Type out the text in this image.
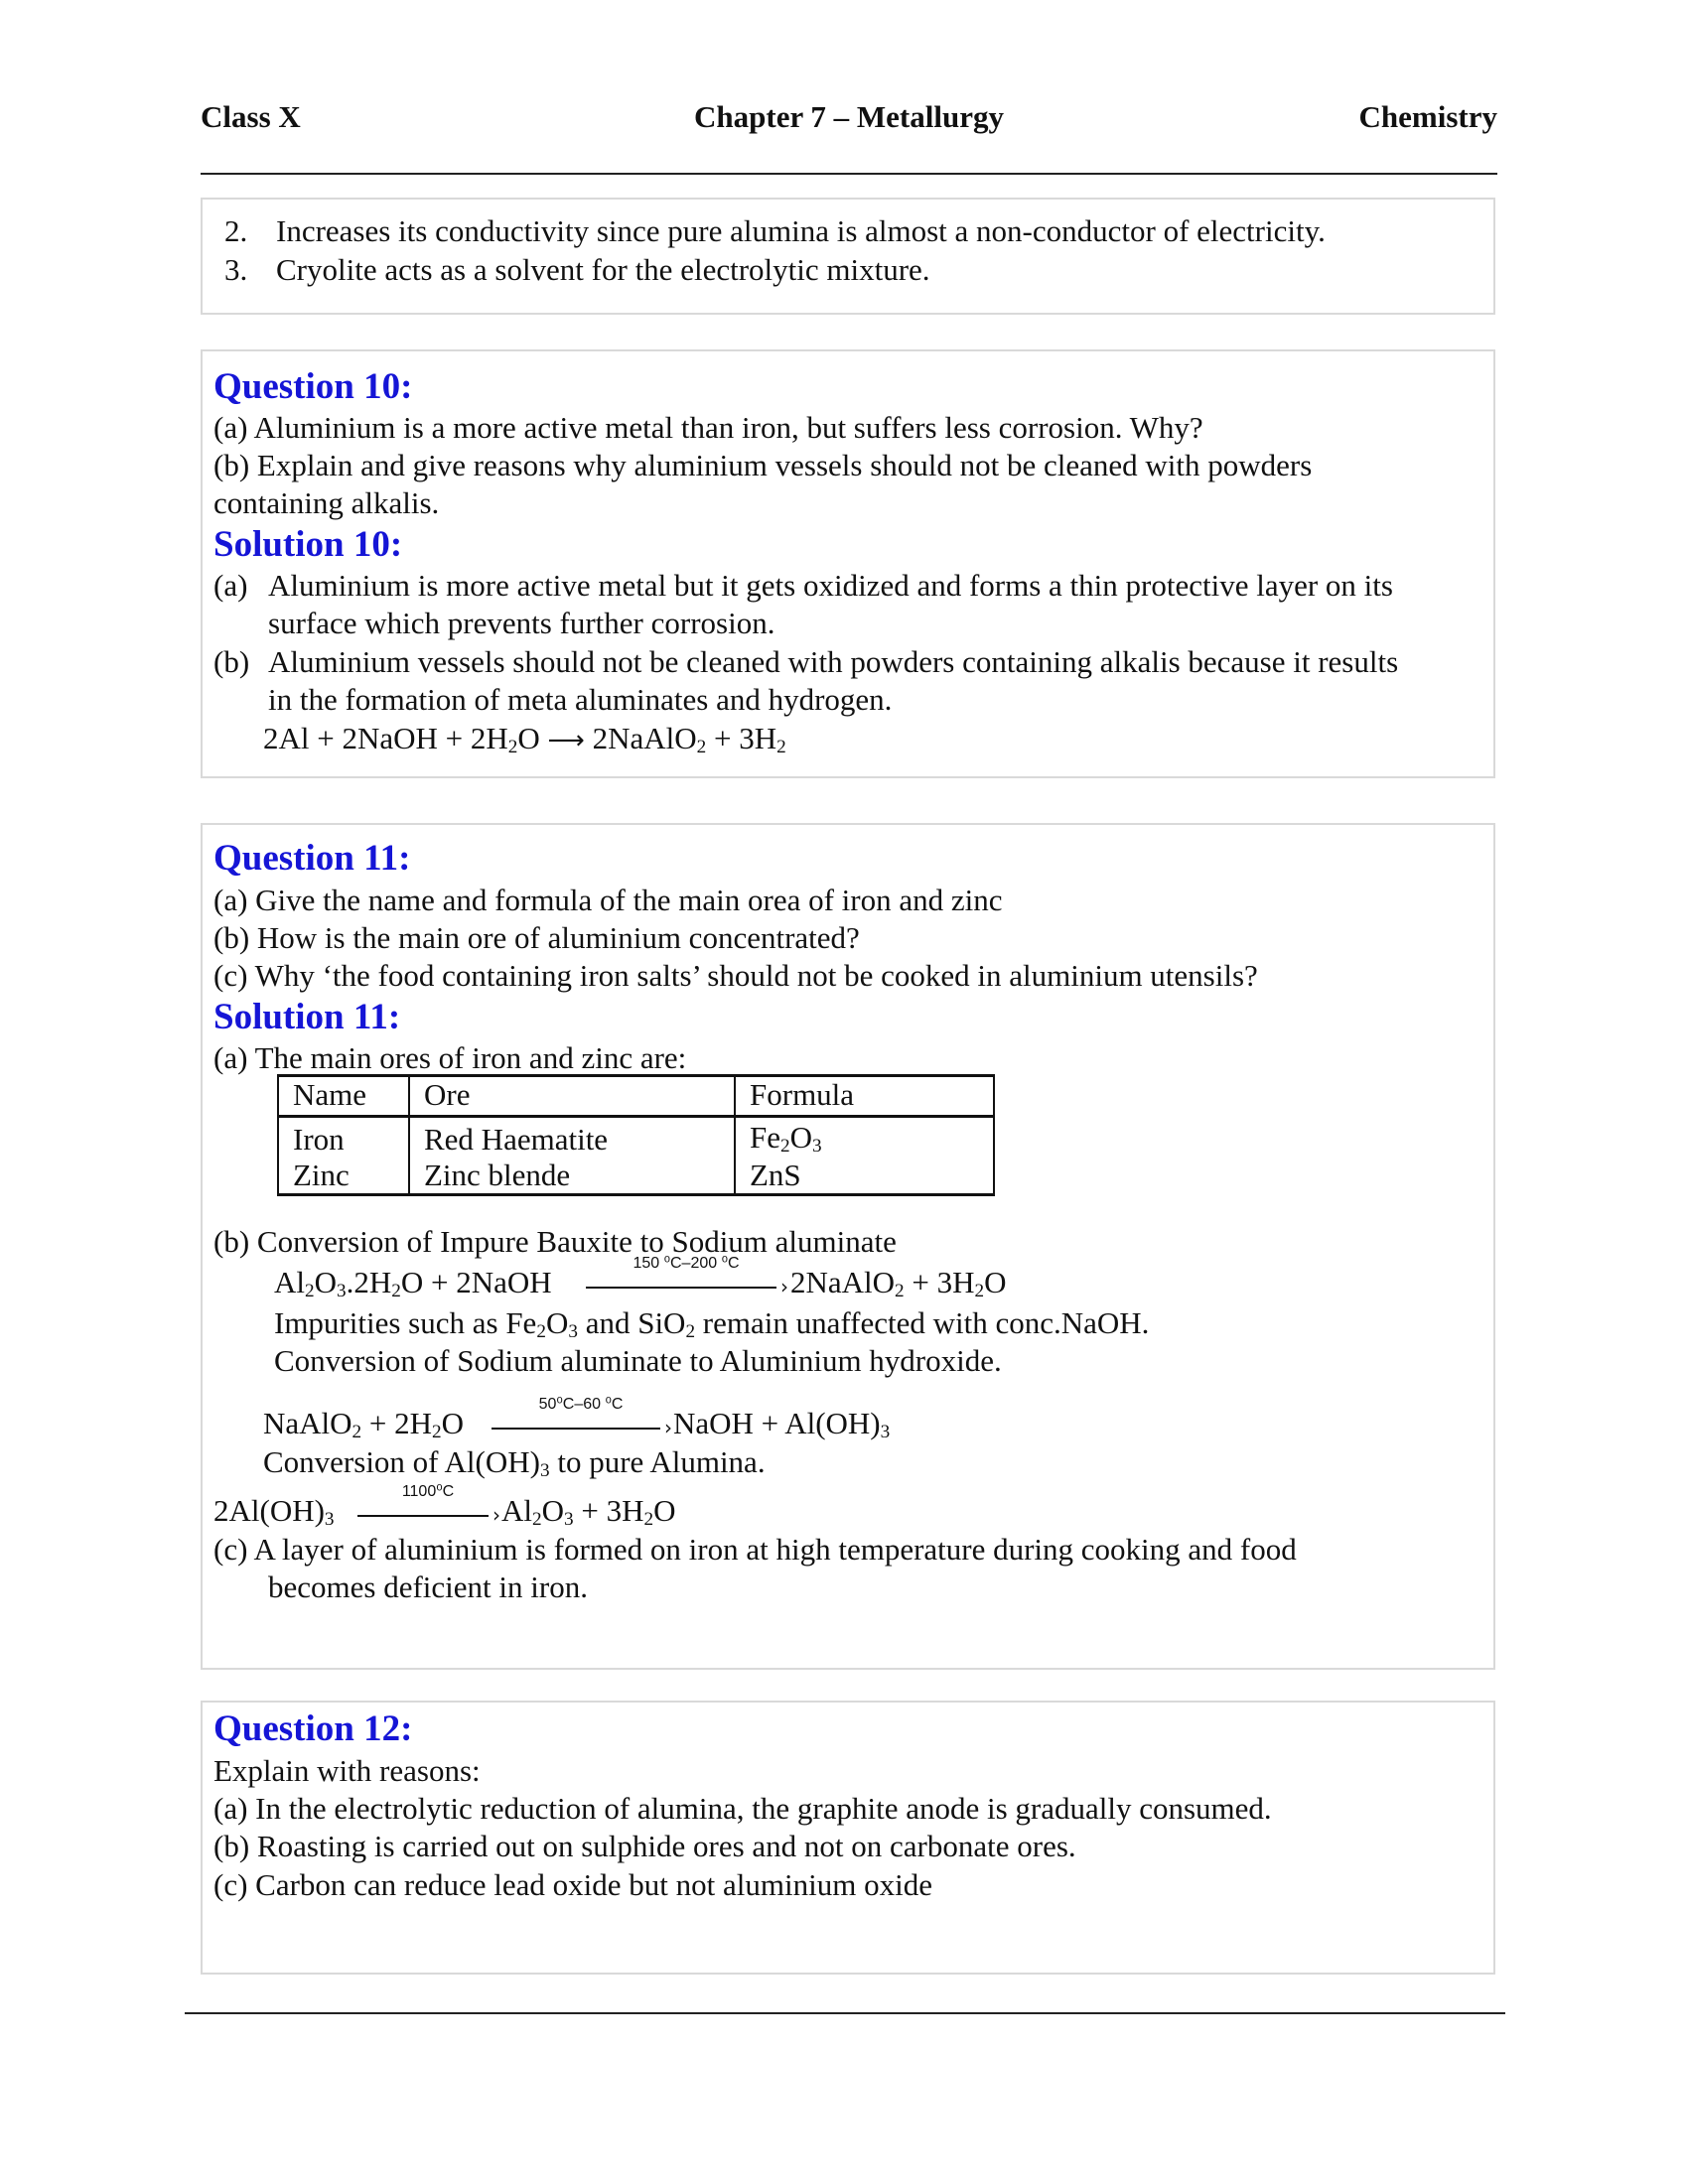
Class X	Chapter 7 – Metallurgy	Chemistry
2. Increases its conductivity since pure alumina is almost a non-conductor of electricity.
3. Cryolite acts as a solvent for the electrolytic mixture.
Question 10:
(a) Aluminium is a more active metal than iron, but suffers less corrosion. Why?
(b) Explain and give reasons why aluminium vessels should not be cleaned with powders
containing alkalis.
Solution 10:
(a) Aluminium is more active metal but it gets oxidized and forms a thin protective layer on its
surface which prevents further corrosion.
(b) Aluminium vessels should not be cleaned with powders containing alkalis because it results
in the formation of meta aluminates and hydrogen.
2Al + 2NaOH + $2H_2O$ ⟶ 2NaAlO$_2$ + $3H_2$
Question 11:
(a) Give the name and formula of the main orea of iron and zinc
(b) How is the main ore of aluminium concentrated?
(c) Why ‘the food containing iron salts’ should not be cooked in aluminium utensils?
Solution 11:
(a) The main ores of iron and zinc are:
Name	Ore	Formula
Iron	Red Haematite	$Fe_2O_3$
Zinc	Zinc blende	ZnS
(b) Conversion of Impure Bauxite to Sodium aluminate
$Al_2O_3.2H_2O$ + 2NaOH
150 ⁰C–200 ⁰C
› 2NaAlO$_2$ + $3H_2O$
Impurities such as $Fe_2O_3$ and SiO$_2$ remain unaffected with conc.NaOH.
Conversion of Sodium aluminate to Aluminium hydroxide.
NaAlO$_2$ + $2H_2O$
50⁰C–60 ⁰C
› NaOH + $Al(OH)_3$
Conversion of $Al(OH)_3$ to pure Alumina.
$2Al(OH)_3$
1100⁰C
› $Al_2O_3 + 3H_2O$
(c) A layer of aluminium is formed on iron at high temperature during cooking and food
becomes deficient in iron.
Question 12:
Explain with reasons:
(a) In the electrolytic reduction of alumina, the graphite anode is gradually consumed.
(b) Roasting is carried out on sulphide ores and not on carbonate ores.
(c) Carbon can reduce lead oxide but not aluminium oxide
